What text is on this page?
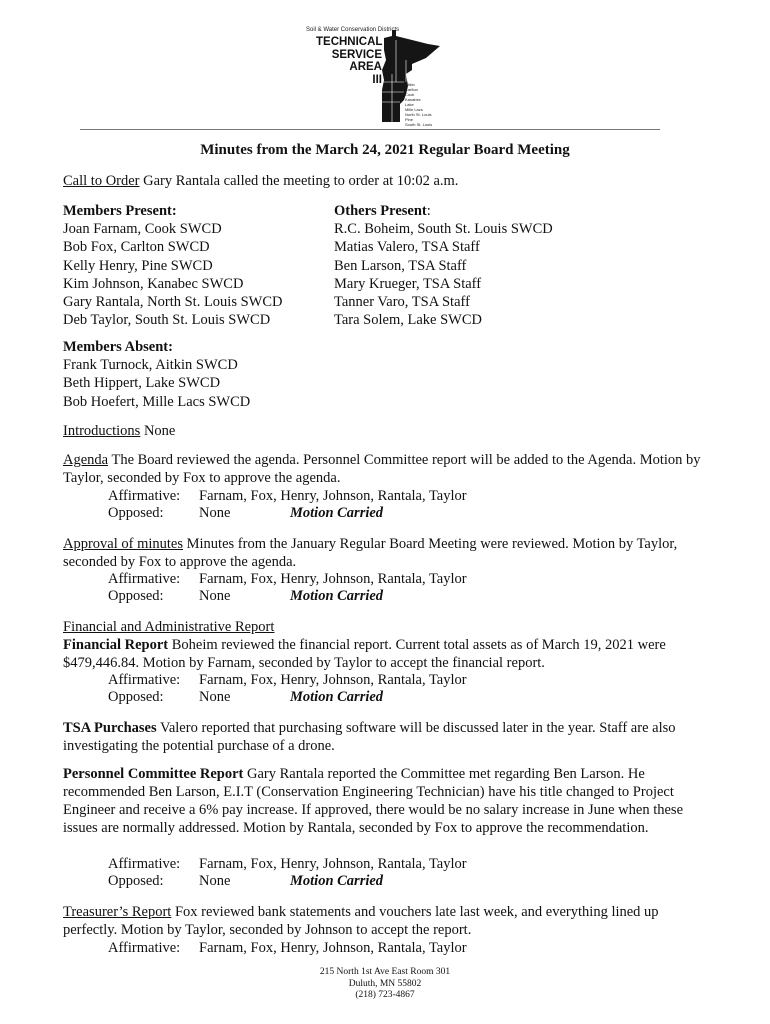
Soil & Water Conservation Districts
TECHNICAL
SERVICE
AREA
III	Aitkin
Carlton
Cook
Kanabec
Lake
Mille Lacs
North St. Louis
Pine
South St. Louis
Minutes from the March 24, 2021 Regular Board Meeting
Call to Order Gary Rantala called the meeting to order at 10:02 a.m.
Members Present:
Joan Farnam, Cook SWCD
Bob Fox, Carlton SWCD
Kelly Henry, Pine SWCD
Kim Johnson, Kanabec SWCD
Gary Rantala, North St. Louis SWCD
Deb Taylor, South St. Louis SWCD
Others Present:
R.C. Boheim, South St. Louis SWCD
Matias Valero, TSA Staff
Ben Larson, TSA Staff
Mary Krueger, TSA Staff
Tanner Varo, TSA Staff
Tara Solem, Lake SWCD
Members Absent:
Frank Turnock, Aitkin SWCD
Beth Hippert, Lake SWCD
Bob Hoefert, Mille Lacs SWCD
Introductions None
Agenda The Board reviewed the agenda. Personnel Committee report will be added to the Agenda. Motion by Taylor, seconded by Fox to approve the agenda.
Affirmative: Farnam, Fox, Henry, Johnson, Rantala, Taylor
Opposed: None	Motion Carried
Approval of minutes Minutes from the January Regular Board Meeting were reviewed. Motion by Taylor, seconded by Fox to approve the agenda.
Affirmative: Farnam, Fox, Henry, Johnson, Rantala, Taylor
Opposed: None	Motion Carried
Financial and Administrative Report
Financial Report Boheim reviewed the financial report. Current total assets as of March 19, 2021 were $479,446.84. Motion by Farnam, seconded by Taylor to accept the financial report.
Affirmative: Farnam, Fox, Henry, Johnson, Rantala, Taylor
Opposed: None	Motion Carried
TSA Purchases Valero reported that purchasing software will be discussed later in the year. Staff are also investigating the potential purchase of a drone.
Personnel Committee Report Gary Rantala reported the Committee met regarding Ben Larson. He recommended Ben Larson, E.I.T (Conservation Engineering Technician) have his title changed to Project Engineer and receive a 6% pay increase. If approved, there would be no salary increase in June when these issues are normally addressed. Motion by Rantala, seconded by Fox to approve the recommendation.
Affirmative: Farnam, Fox, Henry, Johnson, Rantala, Taylor
Opposed: None	Motion Carried
Treasurer’s Report Fox reviewed bank statements and vouchers late last week, and everything lined up perfectly. Motion by Taylor, seconded by Johnson to accept the report.
Affirmative: Farnam, Fox, Henry, Johnson, Rantala, Taylor
215 North 1st Ave East Room 301
Duluth, MN 55802
(218) 723-4867
